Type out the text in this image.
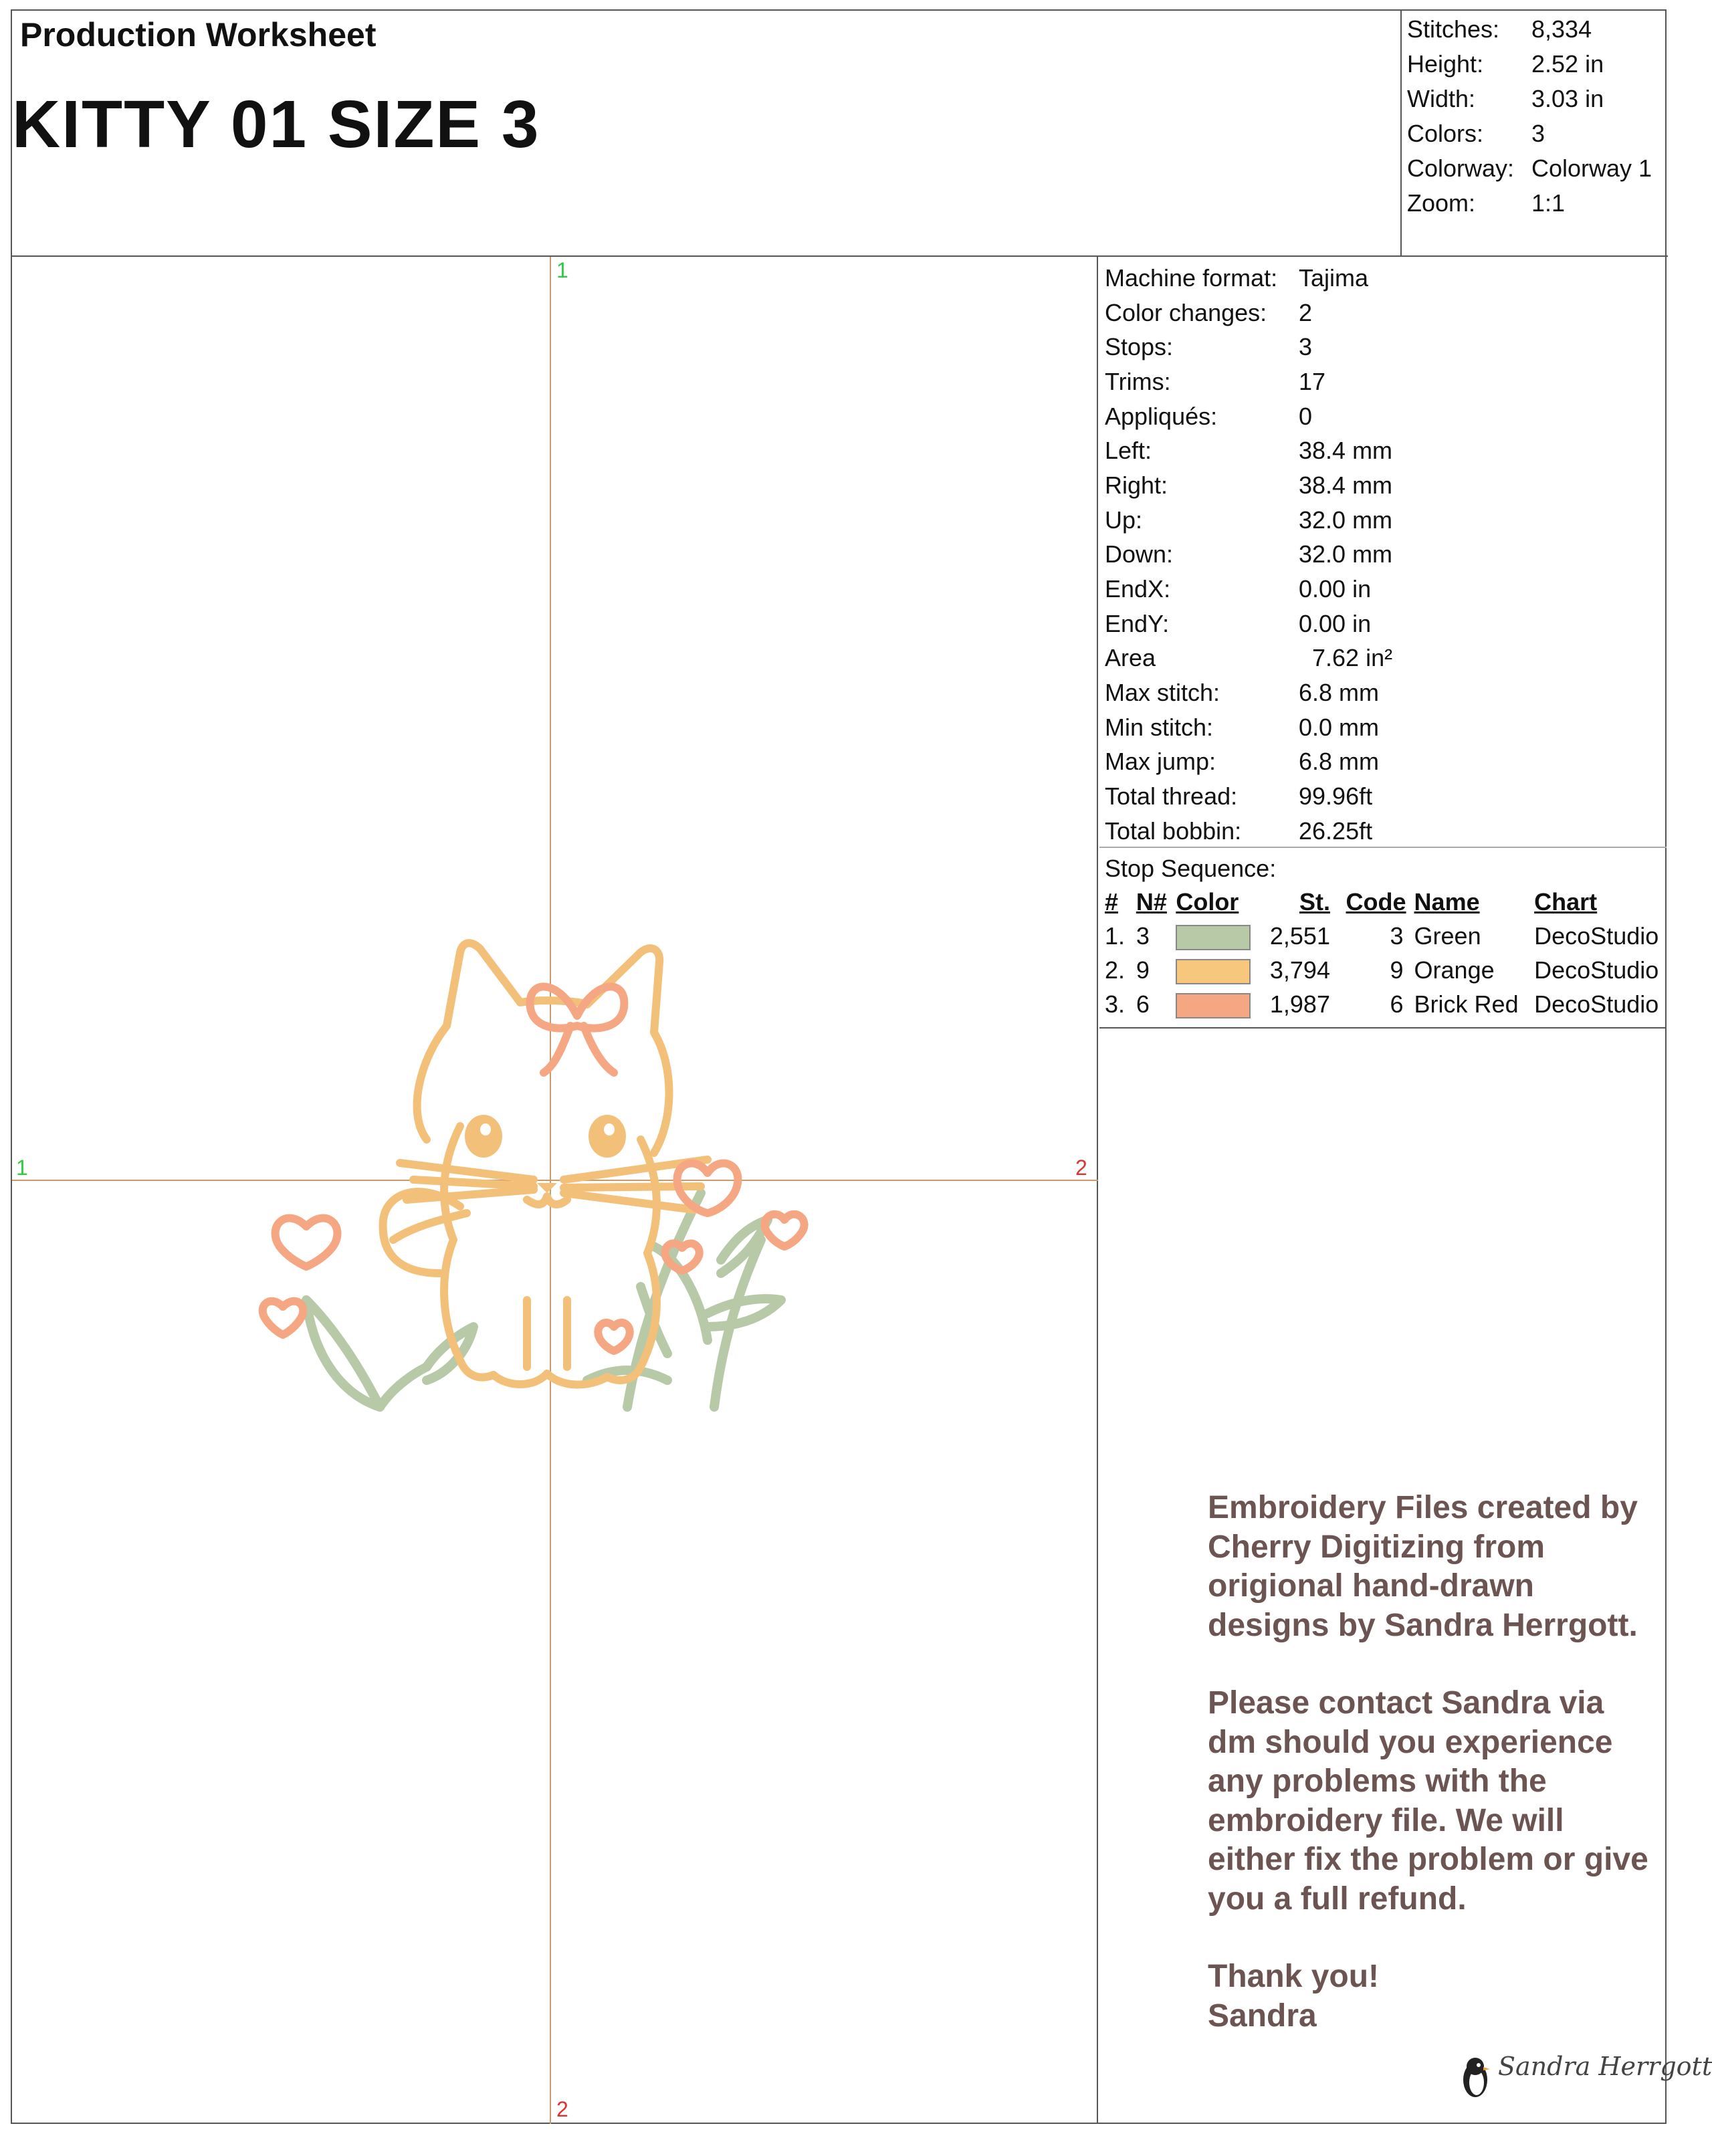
Production Worksheet
KITTY 01 SIZE 3
Stitches:	8,334
Height:	2.52 in
Width:	3.03 in
Colors:	3
Colorway: Colorway 1
Zoom:	1:1
1
2
1	2
Machine format: Tajima
Color changes:	2
Stops:	3
Trims:	17
Appliqués:	0
Left:	38.4 mm
Right:	38.4 mm
Up:	32.0 mm
Down:	32.0 mm
EndX:	0.00 in
EndY:	0.00 in
Area	7.62 in²
Max stitch:	6.8 mm
Min stitch:	0.0 mm
Max jump:	6.8 mm
Total thread:	99.96ft
Total bobbin:	26.25ft
Stop Sequence:
#	N#	Color	St.	Code	Name	Chart
1.	3		2,551	3	Green	DecoStudio
2.	9		3,794	9	Orange	DecoStudio
3.	6		1,987	6	Brick Red	DecoStudio

Embroidery Files created by Cherry Digitizing from origional hand-drawn designs by Sandra Herrgott.

Please contact Sandra via dm should you experience any problems with the embroidery file. We will either fix the problem or give you a full refund.

Thank you!
Sandra
Sandra Herrgott
